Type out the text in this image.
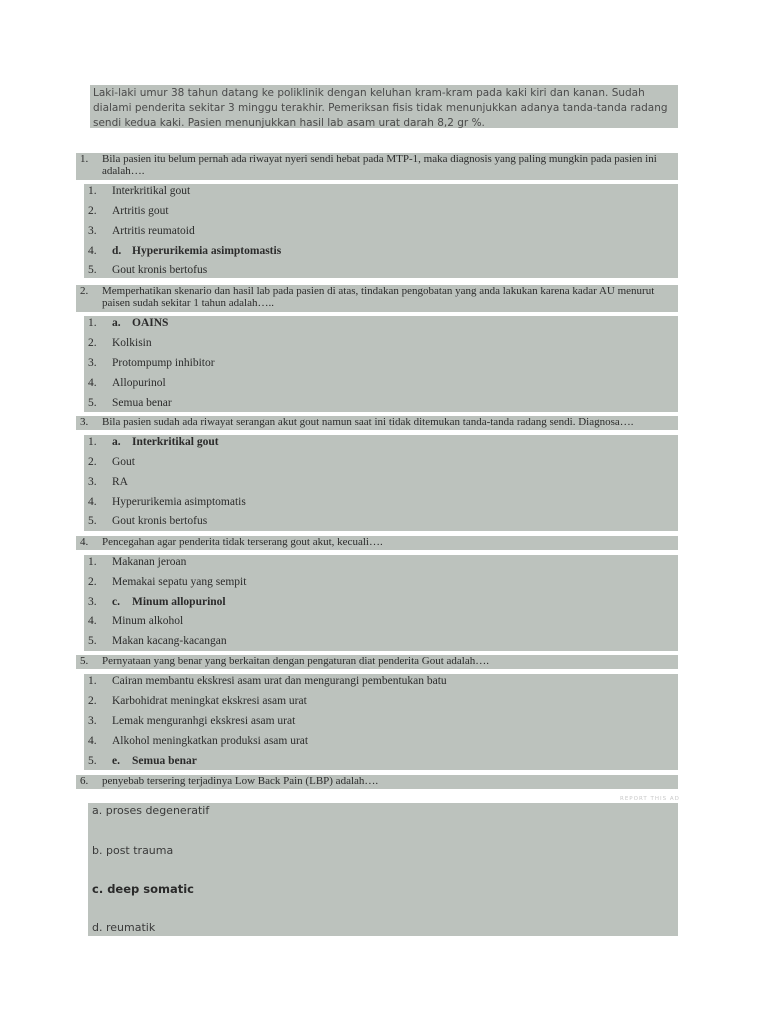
Laki-laki umur 38 tahun datang ke poliklinik dengan keluhan kram-kram pada kaki kiri dan kanan. Sudah dialami penderita sekitar 3 minggu terakhir. Pemeriksan fisis tidak menunjukkan adanya tanda-tanda radang sendi kedua kaki. Pasien menunjukkan hasil lab asam urat darah 8,2 gr %.
1. Bila pasien itu belum pernah ada riwayat nyeri sendi hebat pada MTP-1, maka diagnosis yang paling mungkin pada pasien ini adalah….
1. Interkritikal gout
2. Artritis gout
3. Artritis reumatoid
4. d. Hyperurikemia asimptomastis
5. Gout kronis bertofus
2. Memperhatikan skenario dan hasil lab pada pasien di atas, tindakan pengobatan yang anda lakukan karena kadar AU menurut paisen sudah sekitar 1 tahun adalah…..
1. a. OAINS
2. Kolkisin
3. Protompump inhibitor
4. Allopurinol
5. Semua benar
3. Bila pasien sudah ada riwayat serangan akut gout namun saat ini tidak ditemukan tanda-tanda radang sendi. Diagnosa….
1. a. Interkritikal gout
2. Gout
3. RA
4. Hyperurikemia asimptomatis
5. Gout kronis bertofus
4. Pencegahan agar penderita tidak terserang gout akut, kecuali….
1. Makanan jeroan
2. Memakai sepatu yang sempit
3. c. Minum allopurinol
4. Minum alkohol
5. Makan kacang-kacangan
5. Pernyataan yang benar yang berkaitan dengan pengaturan diat penderita Gout adalah….
1. Cairan membantu ekskresi asam urat dan mengurangi pembentukan batu
2. Karbohidrat meningkat ekskresi asam urat
3. Lemak menguranhgi ekskresi asam urat
4. Alkohol meningkatkan produksi asam urat
5. e. Semua benar
6. penyebab tersering terjadinya Low Back Pain (LBP) adalah….
REPORT THIS AD
a. proses degeneratif
b. post trauma
c. deep somatic
d. reumatik
